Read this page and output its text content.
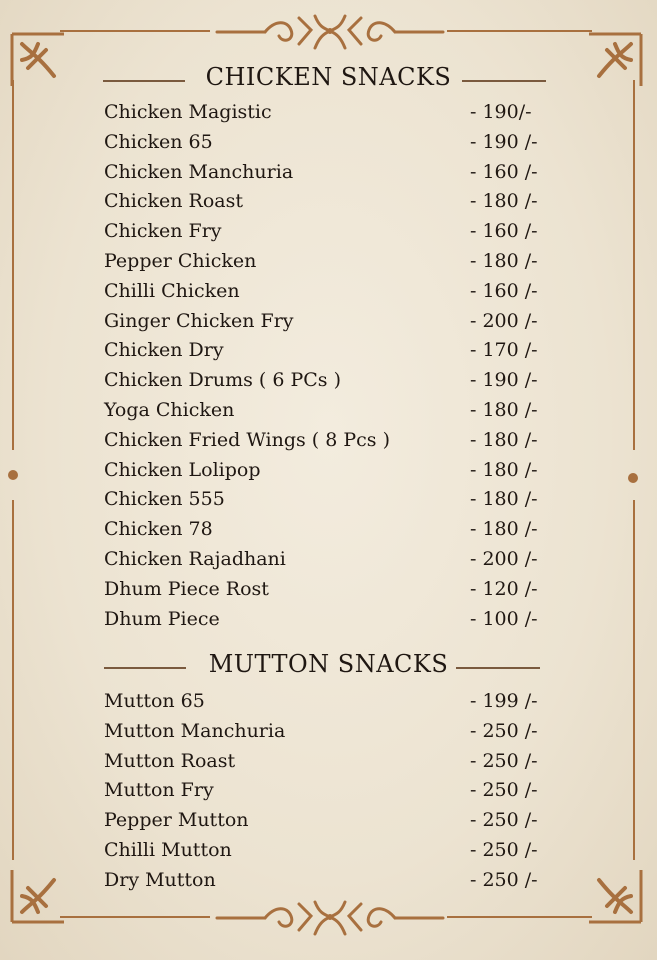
CHICKEN SNACKS
Chicken Magistic	- 190/-
Chicken 65	- 190 /-
Chicken Manchuria	- 160 /-
Chicken Roast	- 180 /-
Chicken Fry	- 160 /-
Pepper Chicken	- 180 /-
Chilli Chicken	- 160 /-
Ginger Chicken Fry	- 200 /-
Chicken Dry	- 170 /-
Chicken Drums ( 6 PCs )	- 190 /-
Yoga Chicken	- 180 /-
Chicken Fried Wings ( 8 Pcs )	- 180 /-
Chicken Lolipop	- 180 /-
Chicken 555	- 180 /-
Chicken 78	- 180 /-
Chicken Rajadhani	- 200 /-
Dhum Piece Rost	- 120 /-
Dhum Piece	- 100 /-
MUTTON SNACKS
Mutton 65	- 199 /-
Mutton Manchuria	- 250 /-
Mutton Roast	- 250 /-
Mutton Fry	- 250 /-
Pepper Mutton	- 250 /-
Chilli Mutton	- 250 /-
Dry Mutton	- 250 /-
